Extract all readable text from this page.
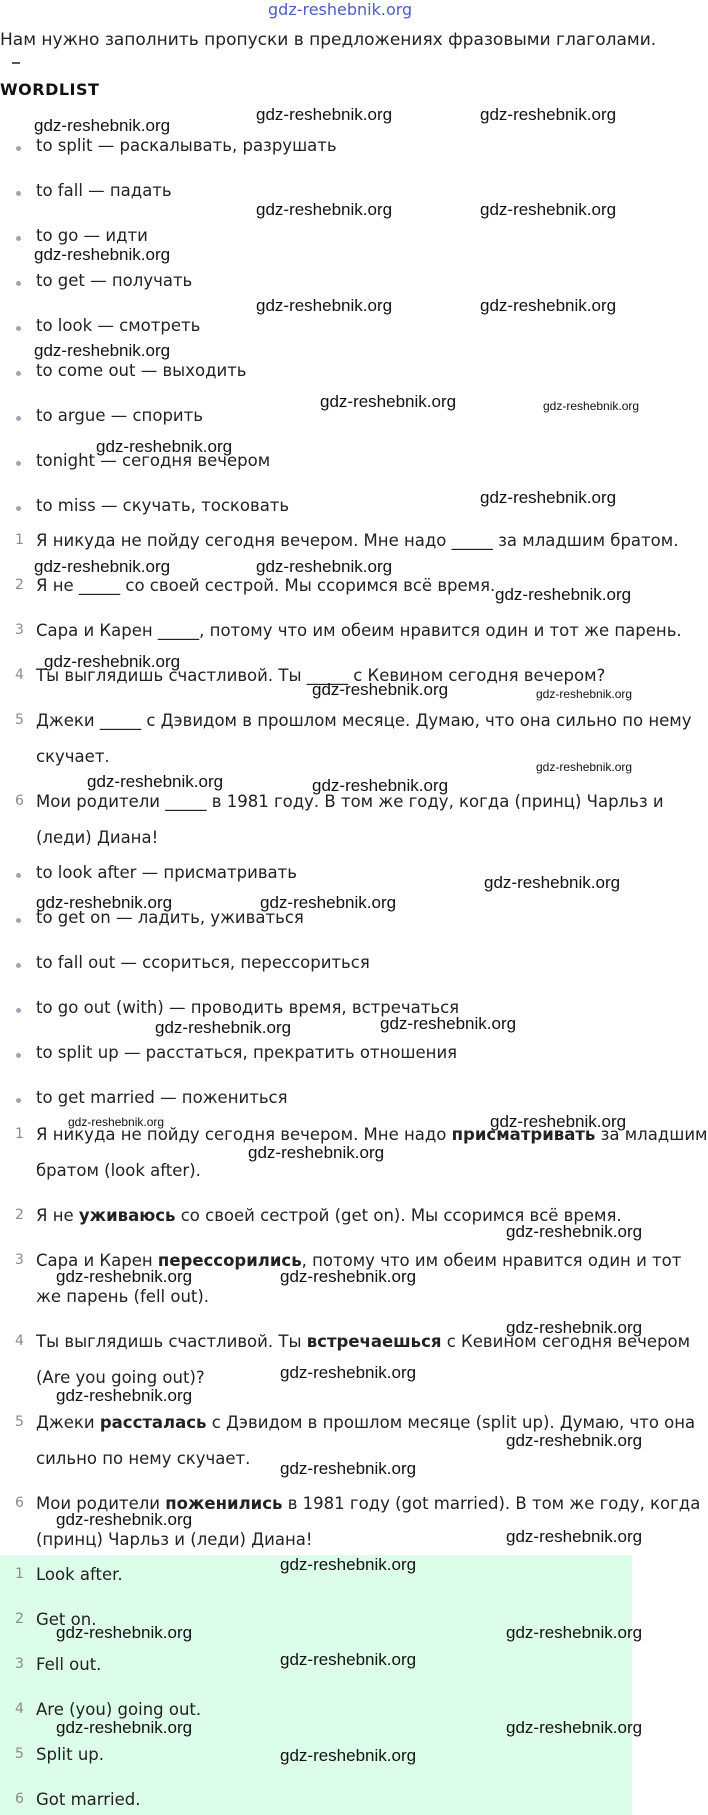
gdz-reshebnik.org
Нам нужно заполнить пропуски в предложениях фразовыми глаголами.
WORDLIST
to split — раскалывать, разрушать
to fall — падать
to go — идти
to get — получать
to look — смотреть
to come out — выходить
to argue — спорить
tonight — сегодня вечером
to miss — скучать, тосковать
1 Я никуда не пойду сегодня вечером. Мне надо _____ за младшим братом.
2 Я не _____ со своей сестрой. Мы ссоримся всё время.
3 Сара и Карен _____, потому что им обеим нравится один и тот же парень.
4 Ты выглядишь счастливой. Ты _____ с Кевином сегодня вечером?
5 Джеки _____ с Дэвидом в прошлом месяце. Думаю, что она сильно по нему
скучает.
6 Мои родители _____ в 1981 году. В том же году, когда (принц) Чарльз и
(леди) Диана!
to look after — присматривать
to get on — ладить, уживаться
to fall out — ссориться, перессориться
to go out (with) — проводить время, встречаться
to split up — расстаться, прекратить отношения
to get married — пожениться
1 Я никуда не пойду сегодня вечером. Мне надо присматривать за младшим
братом (look after).
2 Я не уживаюсь со своей сестрой (get on). Мы ссоримся всё время.
3 Сара и Карен перессорились, потому что им обеим нравится один и тот
же парень (fell out).
4 Ты выглядишь счастливой. Ты встречаешься с Кевином сегодня вечером
(Are you going out)?
5 Джеки рассталась с Дэвидом в прошлом месяце (split up). Думаю, что она
сильно по нему скучает.
6 Мои родители поженились в 1981 году (got married). В том же году, когда
(принц) Чарльз и (леди) Диана!
1 Look after.
2 Get on.
3 Fell out.
4 Are (you) going out.
5 Split up.
6 Got married.
gdz-reshebnik.org
gdz-reshebnik.org	gdz-reshebnik.org
gdz-reshebnik.org	gdz-reshebnik.org
gdz-reshebnik.org
gdz-reshebnik.org	gdz-reshebnik.org
gdz-reshebnik.org
gdz-reshebnik.org	gdz-reshebnik.org
gdz-reshebnik.org
gdz-reshebnik.org
gdz-reshebnik.org	gdz-reshebnik.org
gdz-reshebnik.org
gdz-reshebnik.org
gdz-reshebnik.org	gdz-reshebnik.org
gdz-reshebnik.org
gdz-reshebnik.org	gdz-reshebnik.org
gdz-reshebnik.org
gdz-reshebnik.org	gdz-reshebnik.org
gdz-reshebnik.org	gdz-reshebnik.org
gdz-reshebnik.org	gdz-reshebnik.org
gdz-reshebnik.org
gdz-reshebnik.org
gdz-reshebnik.org	gdz-reshebnik.org
gdz-reshebnik.org
gdz-reshebnik.org
gdz-reshebnik.org
gdz-reshebnik.org
gdz-reshebnik.org
gdz-reshebnik.org
gdz-reshebnik.org
gdz-reshebnik.org
gdz-reshebnik.org	gdz-reshebnik.org
gdz-reshebnik.org
gdz-reshebnik.org	gdz-reshebnik.org
gdz-reshebnik.org
